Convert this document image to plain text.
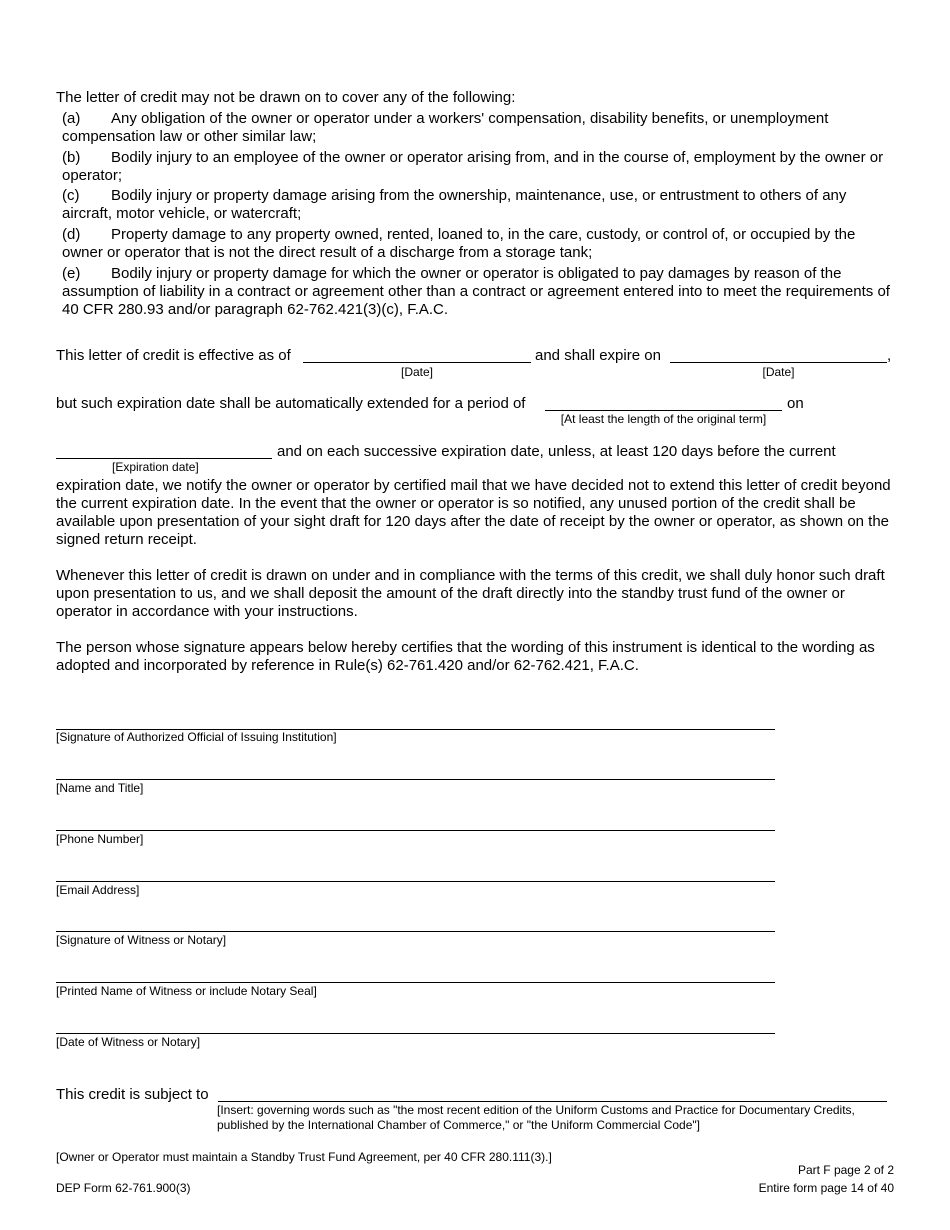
The letter of credit may not be drawn on to cover any of the following:
(a) Any obligation of the owner or operator under a workers' compensation, disability benefits, or unemployment compensation law or other similar law;
(b) Bodily injury to an employee of the owner or operator arising from, and in the course of, employment by the owner or operator;
(c) Bodily injury or property damage arising from the ownership, maintenance, use, or entrustment to others of any aircraft, motor vehicle, or watercraft;
(d) Property damage to any property owned, rented, loaned to, in the care, custody, or control of, or occupied by the owner or operator that is not the direct result of a discharge from a storage tank;
(e) Bodily injury or property damage for which the owner or operator is obligated to pay damages by reason of the assumption of liability in a contract or agreement other than a contract or agreement entered into to meet the requirements of 40 CFR 280.93 and/or paragraph 62-762.421(3)(c), F.A.C.
This letter of credit is effective as of	and shall expire on	,
[Date]	[Date]
but such expiration date shall be automatically extended for a period of	on
[At least the length of the original term]
and on each successive expiration date, unless, at least 120 days before the current
[Expiration date]
expiration date, we notify the owner or operator by certified mail that we have decided not to extend this letter of credit beyond the current expiration date. In the event that the owner or operator is so notified, any unused portion of the credit shall be available upon presentation of your sight draft for 120 days after the date of receipt by the owner or operator, as shown on the signed return receipt.
Whenever this letter of credit is drawn on under and in compliance with the terms of this credit, we shall duly honor such draft upon presentation to us, and we shall deposit the amount of the draft directly into the standby trust fund of the owner or operator in accordance with your instructions.
The person whose signature appears below hereby certifies that the wording of this instrument is identical to the wording as adopted and incorporated by reference in Rule(s) 62-761.420 and/or 62-762.421, F.A.C.
[Signature of Authorized Official of Issuing Institution]
[Name and Title]
[Phone Number]
[Email Address]
[Signature of Witness or Notary]
[Printed Name of Witness or include Notary Seal]
[Date of Witness or Notary]
This credit is subject to
[Insert: governing words such as "the most recent edition of the Uniform Customs and Practice for Documentary Credits, published by the International Chamber of Commerce," or "the Uniform Commercial Code"]
[Owner or Operator must maintain a Standby Trust Fund Agreement, per 40 CFR 280.111(3).]
Part F page 2 of 2
DEP Form 62-761.900(3)	Entire form page 14 of 40
